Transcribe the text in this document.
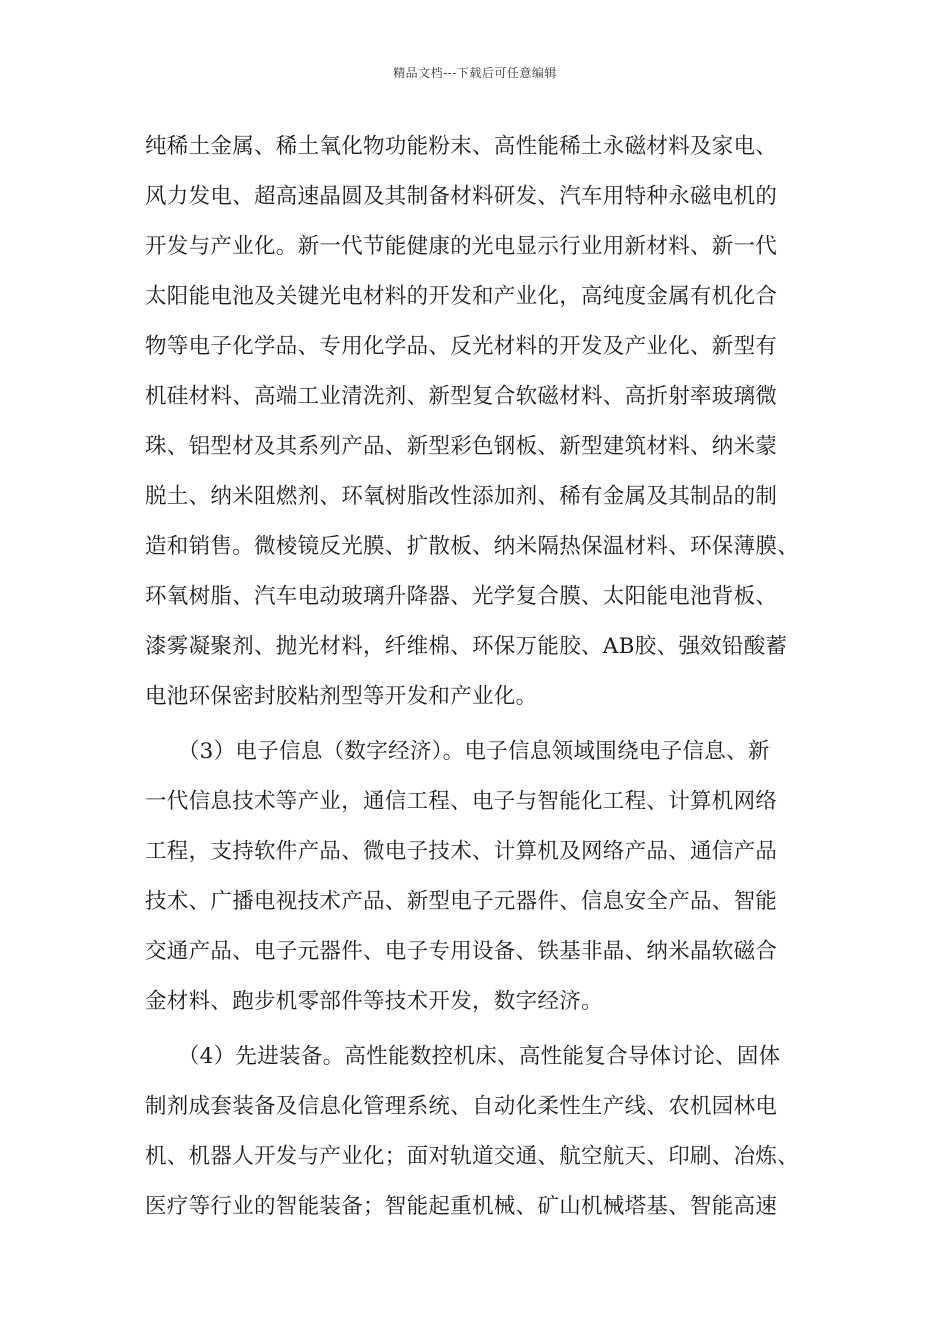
精品文档---下载后可任意编辑
纯稀土金属、稀土氧化物功能粉末、高性能稀土永磁材料及家电、
风力发电、超高速晶圆及其制备材料研发、汽车用特种永磁电机的
开发与产业化。新一代节能健康的光电显示行业用新材料、新一代
太阳能电池及关键光电材料的开发和产业化，高纯度金属有机化合
物等电子化学品、专用化学品、反光材料的开发及产业化、新型有
机硅材料、高端工业清洗剂、新型复合软磁材料、高折射率玻璃微
珠、铝型材及其系列产品、新型彩色钢板、新型建筑材料、纳米蒙
脱土、纳米阻燃剂、环氧树脂改性添加剂、稀有金属及其制品的制
造和销售。微棱镜反光膜、扩散板、纳米隔热保温材料、环保薄膜、
环氧树脂、汽车电动玻璃升降器、光学复合膜、太阳能电池背板、
漆雾凝聚剂、抛光材料，纤维棉、环保万能胶、AB胶、强效铅酸蓄
电池环保密封胶粘剂型等开发和产业化。
　　（3）电子信息（数字经济）。电子信息领域围绕电子信息、新
一代信息技术等产业，通信工程、电子与智能化工程、计算机网络
工程，支持软件产品、微电子技术、计算机及网络产品、通信产品
技术、广播电视技术产品、新型电子元器件、信息安全产品、智能
交通产品、电子元器件、电子专用设备、铁基非晶、纳米晶软磁合
金材料、跑步机零部件等技术开发，数字经济。
　　（4）先进装备。高性能数控机床、高性能复合导体讨论、固体
制剂成套装备及信息化管理系统、自动化柔性生产线、农机园林电
机、机器人开发与产业化；面对轨道交通、航空航天、印刷、冶炼、
医疗等行业的智能装备；智能起重机械、矿山机械塔基、智能高速
